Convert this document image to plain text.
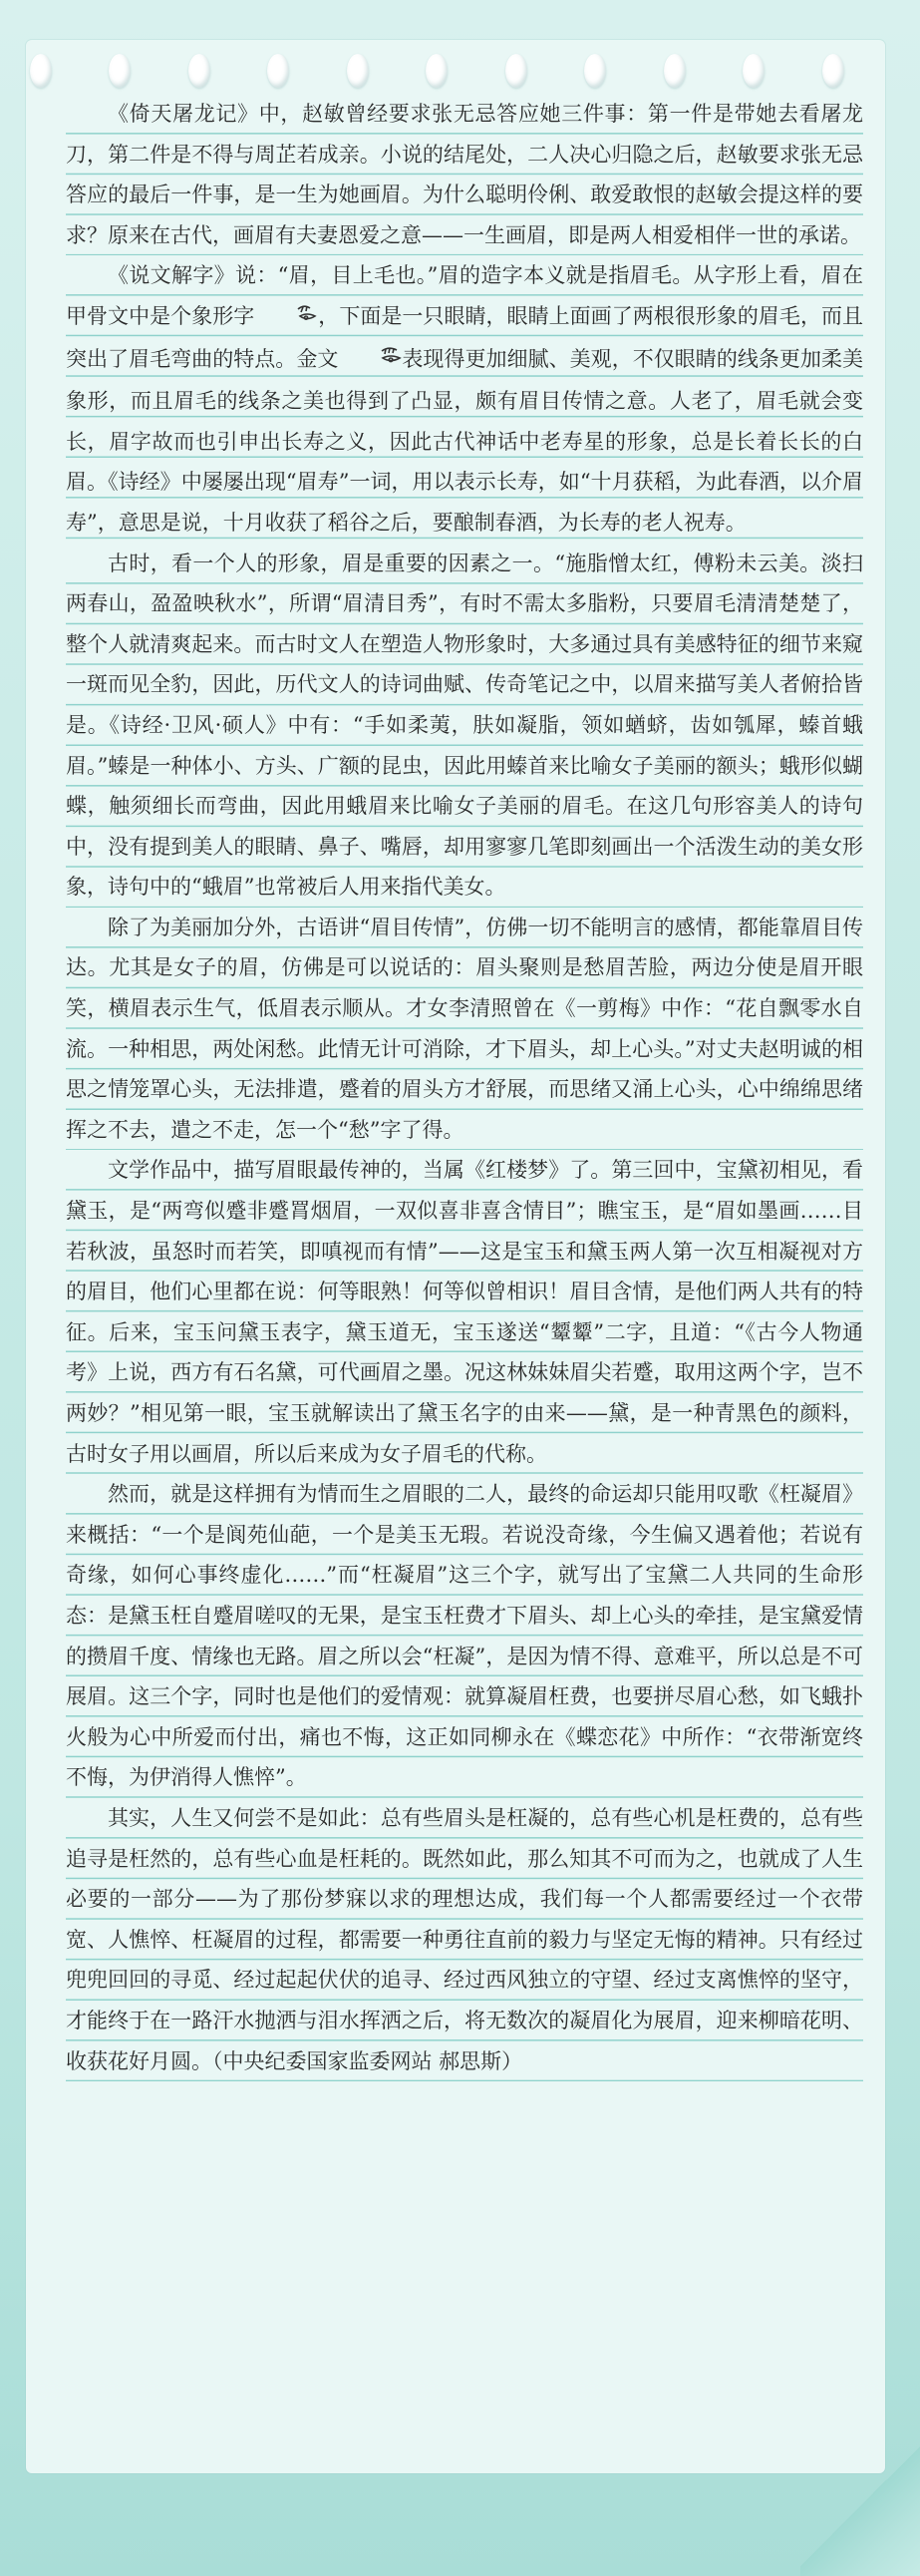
《倚天屠龙记》中，赵敏曾经要求张无忌答应她三件事：第一件是带她去看屠龙刀，第二件是不得与周芷若成亲。小说的结尾处，二人决心归隐之后，赵敏要求张无忌答应的最后一件事，是一生为她画眉。为什么聪明伶俐、敢爱敢恨的赵敏会提这样的要求？原来在古代，画眉有夫妻恩爱之意——一生画眉，即是两人相爱相伴一世的承诺。

《说文解字》说：“眉，目上毛也。”眉的造字本义就是指眉毛。从字形上看，眉在甲骨文中是个象形字	，下面是一只眼睛，眼睛上面画了两根很形象的眉毛，而且突出了眉毛弯曲的特点。金文	表现得更加细腻、美观，不仅眼睛的线条更加柔美象形，而且眉毛的线条之美也得到了凸显，颇有眉目传情之意。人老了，眉毛就会变长，眉字故而也引申出长寿之义，因此古代神话中老寿星的形象，总是长着长长的白眉。《诗经》中屡屡出现“眉寿”一词，用以表示长寿，如“十月获稻，为此春酒，以介眉寿”，意思是说，十月收获了稻谷之后，要酿制春酒，为长寿的老人祝寿。

古时，看一个人的形象，眉是重要的因素之一。“施脂憎太红，傅粉未云美。淡扫两春山，盈盈映秋水”，所谓“眉清目秀”，有时不需太多脂粉，只要眉毛清清楚楚了，整个人就清爽起来。而古时文人在塑造人物形象时，大多通过具有美感特征的细节来窥一斑而见全豹，因此，历代文人的诗词曲赋、传奇笔记之中，以眉来描写美人者俯拾皆是。《诗经·卫风·硕人》中有：“手如柔荑，肤如凝脂，领如蝤蛴，齿如瓠犀，螓首蛾眉。”螓是一种体小、方头、广额的昆虫，因此用螓首来比喻女子美丽的额头；蛾形似蝴蝶，触须细长而弯曲，因此用蛾眉来比喻女子美丽的眉毛。在这几句形容美人的诗句中，没有提到美人的眼睛、鼻子、嘴唇，却用寥寥几笔即刻画出一个活泼生动的美女形象，诗句中的“蛾眉”也常被后人用来指代美女。

除了为美丽加分外，古语讲“眉目传情”，仿佛一切不能明言的感情，都能靠眉目传达。尤其是女子的眉，仿佛是可以说话的：眉头聚则是愁眉苦脸，两边分使是眉开眼笑，横眉表示生气，低眉表示顺从。才女李清照曾在《一剪梅》中作：“花自飘零水自流。一种相思，两处闲愁。此情无计可消除，才下眉头，却上心头。”对丈夫赵明诚的相思之情笼罩心头，无法排遣，蹙着的眉头方才舒展，而思绪又涌上心头，心中绵绵思绪挥之不去，遣之不走，怎一个“愁”字了得。

文学作品中，描写眉眼最传神的，当属《红楼梦》了。第三回中，宝黛初相见，看黛玉，是“两弯似蹙非蹙罥烟眉，一双似喜非喜含情目”；瞧宝玉，是“眉如墨画……目若秋波，虽怒时而若笑，即嗔视而有情”——这是宝玉和黛玉两人第一次互相凝视对方的眉目，他们心里都在说：何等眼熟！何等似曾相识！眉目含情，是他们两人共有的特征。后来，宝玉问黛玉表字，黛玉道无，宝玉遂送“颦颦”二字，且道：“《古今人物通考》上说，西方有石名黛，可代画眉之墨。况这林妹妹眉尖若蹙，取用这两个字，岂不两妙？”相见第一眼，宝玉就解读出了黛玉名字的由来——黛，是一种青黑色的颜料，古时女子用以画眉，所以后来成为女子眉毛的代称。

然而，就是这样拥有为情而生之眉眼的二人，最终的命运却只能用叹歌《枉凝眉》来概括：“一个是阆苑仙葩，一个是美玉无瑕。若说没奇缘，今生偏又遇着他；若说有奇缘，如何心事终虚化……”而“枉凝眉”这三个字，就写出了宝黛二人共同的生命形态：是黛玉枉自蹙眉嗟叹的无果，是宝玉枉费才下眉头、却上心头的牵挂，是宝黛爱情的攒眉千度、情缘也无路。眉之所以会“枉凝”，是因为情不得、意难平，所以总是不可展眉。这三个字，同时也是他们的爱情观：就算凝眉枉费，也要拼尽眉心愁，如飞蛾扑火般为心中所爱而付出，痛也不悔，这正如同柳永在《蝶恋花》中所作：“衣带渐宽终不悔，为伊消得人憔悴”。

其实，人生又何尝不是如此：总有些眉头是枉凝的，总有些心机是枉费的，总有些追寻是枉然的，总有些心血是枉耗的。既然如此，那么知其不可而为之，也就成了人生必要的一部分——为了那份梦寐以求的理想达成，我们每一个人都需要经过一个衣带宽、人憔悴、枉凝眉的过程，都需要一种勇往直前的毅力与坚定无悔的精神。只有经过兜兜回回的寻觅、经过起起伏伏的追寻、经过西风独立的守望、经过支离憔悴的坚守，才能终于在一路汗水抛洒与泪水挥洒之后，将无数次的凝眉化为展眉，迎来柳暗花明、收获花好月圆。（中央纪委国家监委网站 郝思斯）
